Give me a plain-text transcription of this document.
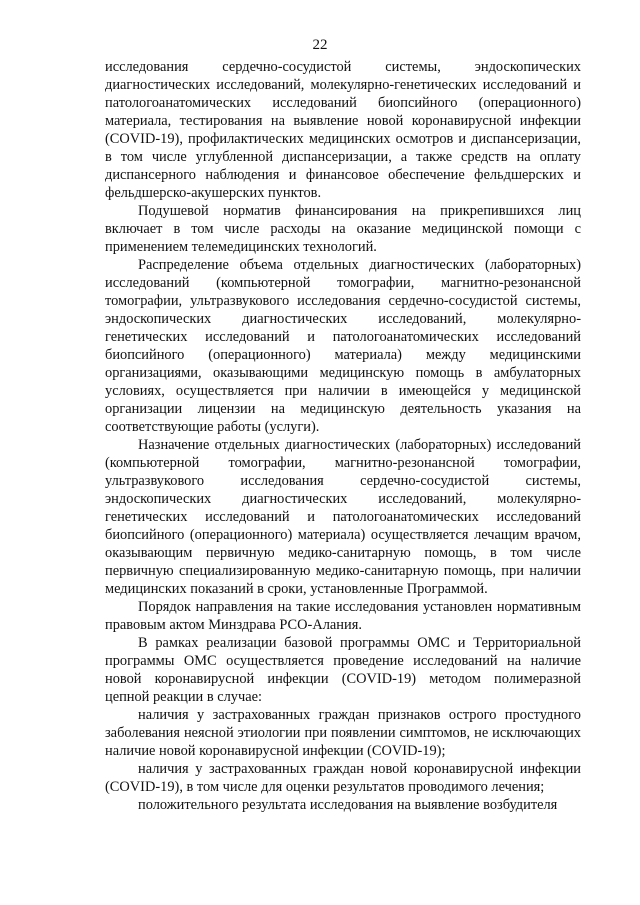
22

исследования сердечно-сосудистой системы, эндоскопических диагностических исследований, молекулярно-генетических исследований и патологоанатомических исследований биопсийного (операционного) материала, тестирования на выявление новой коронавирусной инфекции (COVID-19), профилактических медицинских осмотров и диспансеризации, в том числе углубленной диспансеризации, а также средств на оплату диспансерного наблюдения и финансовое обеспечение фельдшерских и фельдшерско-акушерских пунктов.

Подушевой норматив финансирования на прикрепившихся лиц включает в том числе расходы на оказание медицинской помощи с применением телемедицинских технологий.

Распределение объема отдельных диагностических (лабораторных) исследований (компьютерной томографии, магнитно-резонансной томографии, ультразвукового исследования сердечно-сосудистой системы, эндоскопических диагностических исследований, молекулярно-генетических исследований и патологоанатомических исследований биопсийного (операционного) материала) между медицинскими организациями, оказывающими медицинскую помощь в амбулаторных условиях, осуществляется при наличии в имеющейся у медицинской организации лицензии на медицинскую деятельность указания на соответствующие работы (услуги).

Назначение отдельных диагностических (лабораторных) исследований (компьютерной томографии, магнитно-резонансной томографии, ультразвукового исследования сердечно-сосудистой системы, эндоскопических диагностических исследований, молекулярно-генетических исследований и патологоанатомических исследований биопсийного (операционного) материала) осуществляется лечащим врачом, оказывающим первичную медико-санитарную помощь, в том числе первичную специализированную медико-санитарную помощь, при наличии медицинских показаний в сроки, установленные Программой.

Порядок направления на такие исследования установлен нормативным правовым актом Минздрава РСО-Алания.

В рамках реализации базовой программы ОМС и Территориальной программы ОМС осуществляется проведение исследований на наличие новой коронавирусной инфекции (COVID-19) методом полимеразной цепной реакции в случае:

наличия у застрахованных граждан признаков острого простудного заболевания неясной этиологии при появлении симптомов, не исключающих наличие новой коронавирусной инфекции (COVID-19);

наличия у застрахованных граждан новой коронавирусной инфекции (COVID-19), в том числе для оценки результатов проводимого лечения;

положительного результата исследования на выявление возбудителя
